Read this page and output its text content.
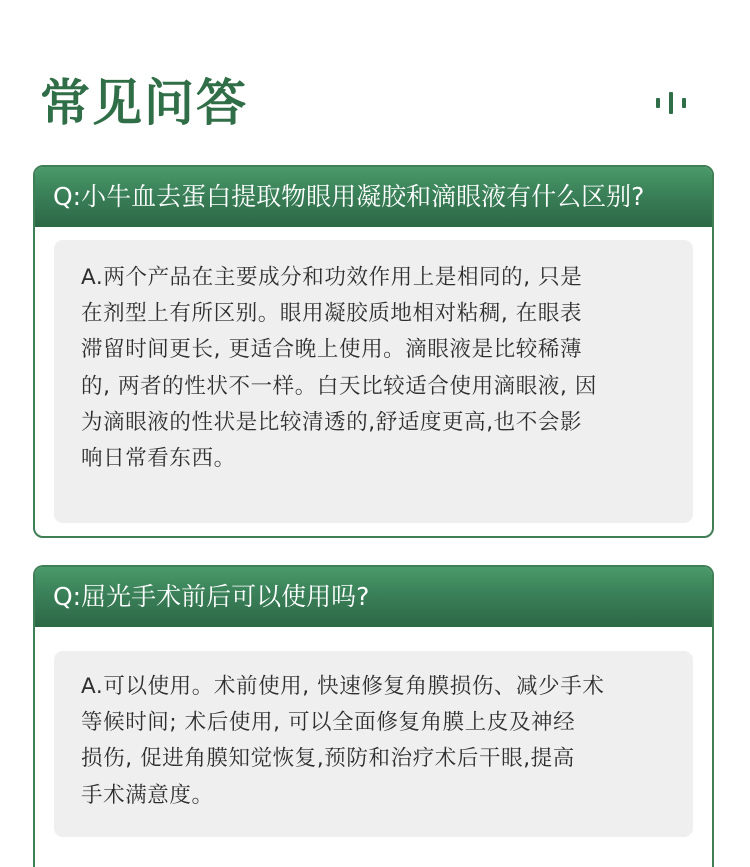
常见问答
Q:小牛血去蛋白提取物眼用凝胶和滴眼液有什么区别?
A.两个产品在主要成分和功效作用上是相同的, 只是
在剂型上有所区别。眼用凝胶质地相对粘稠, 在眼表
滞留时间更长, 更适合晚上使用。滴眼液是比较稀薄
的, 两者的性状不一样。白天比较适合使用滴眼液, 因
为滴眼液的性状是比较清透的,舒适度更高,也不会影
响日常看东西。
Q:屈光手术前后可以使用吗?
A.可以使用。术前使用, 快速修复角膜损伤、减少手术
等候时间; 术后使用, 可以全面修复角膜上皮及神经
损伤, 促进角膜知觉恢复,预防和治疗术后干眼,提高
手术满意度。
